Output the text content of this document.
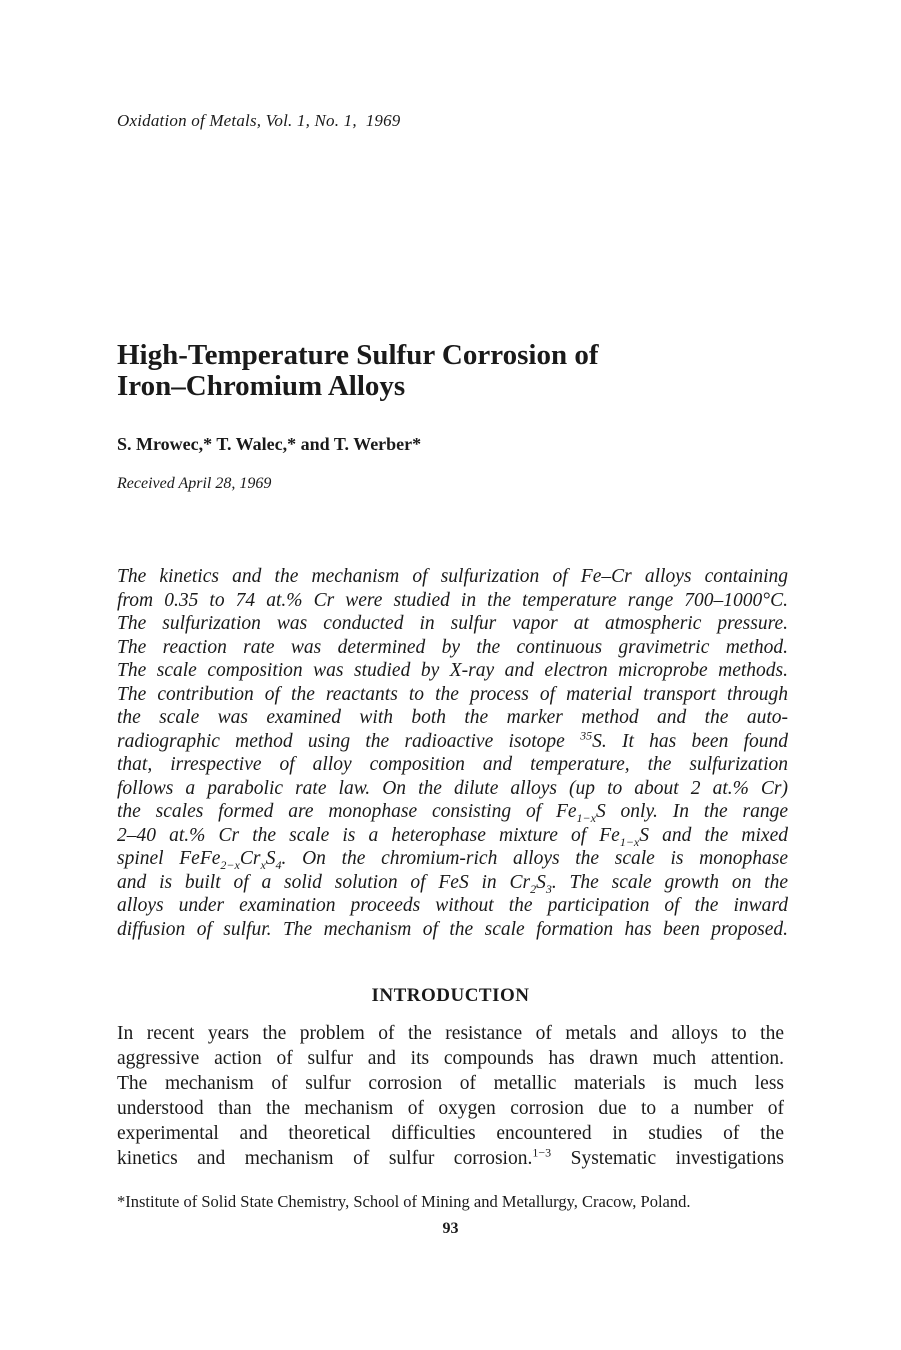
Oxidation of Metals, Vol. 1, No. 1, 1969
High-Temperature Sulfur Corrosion of
Iron–Chromium Alloys
S. Mrowec,* T. Walec,* and T. Werber*
Received April 28, 1969
The kinetics and the mechanism of sulfurization of Fe–Cr alloys containing
from 0.35 to 74 at.% Cr were studied in the temperature range 700–1000°C.
The sulfurization was conducted in sulfur vapor at atmospheric pressure.
The reaction rate was determined by the continuous gravimetric method.
The scale composition was studied by X-ray and electron microprobe methods.
The contribution of the reactants to the process of material transport through
the scale was examined with both the marker method and the auto-
radiographic method using the radioactive isotope $^{35}$S. It has been found
that, irrespective of alloy composition and temperature, the sulfurization
follows a parabolic rate law. On the dilute alloys (up to about 2 at.% Cr)
the scales formed are monophase consisting of $Fe_{1-x}S$ only. In the range
2–40 at.% Cr the scale is a heterophase mixture of $Fe_{1-x}S$ and the mixed
spinel $FeFe_{2-x}Cr_xS_4$. On the chromium-rich alloys the scale is monophase
and is built of a solid solution of FeS in $Cr_2S_3$. The scale growth on the
alloys under examination proceeds without the participation of the inward
diffusion of sulfur. The mechanism of the scale formation has been proposed.
INTRODUCTION
In recent years the problem of the resistance of metals and alloys to the
aggressive action of sulfur and its compounds has drawn much attention.
The mechanism of sulfur corrosion of metallic materials is much less
understood than the mechanism of oxygen corrosion due to a number of
experimental and theoretical difficulties encountered in studies of the
kinetics and mechanism of sulfur corrosion.$^{1-3}$ Systematic investigations
*Institute of Solid State Chemistry, School of Mining and Metallurgy, Cracow, Poland.
93
